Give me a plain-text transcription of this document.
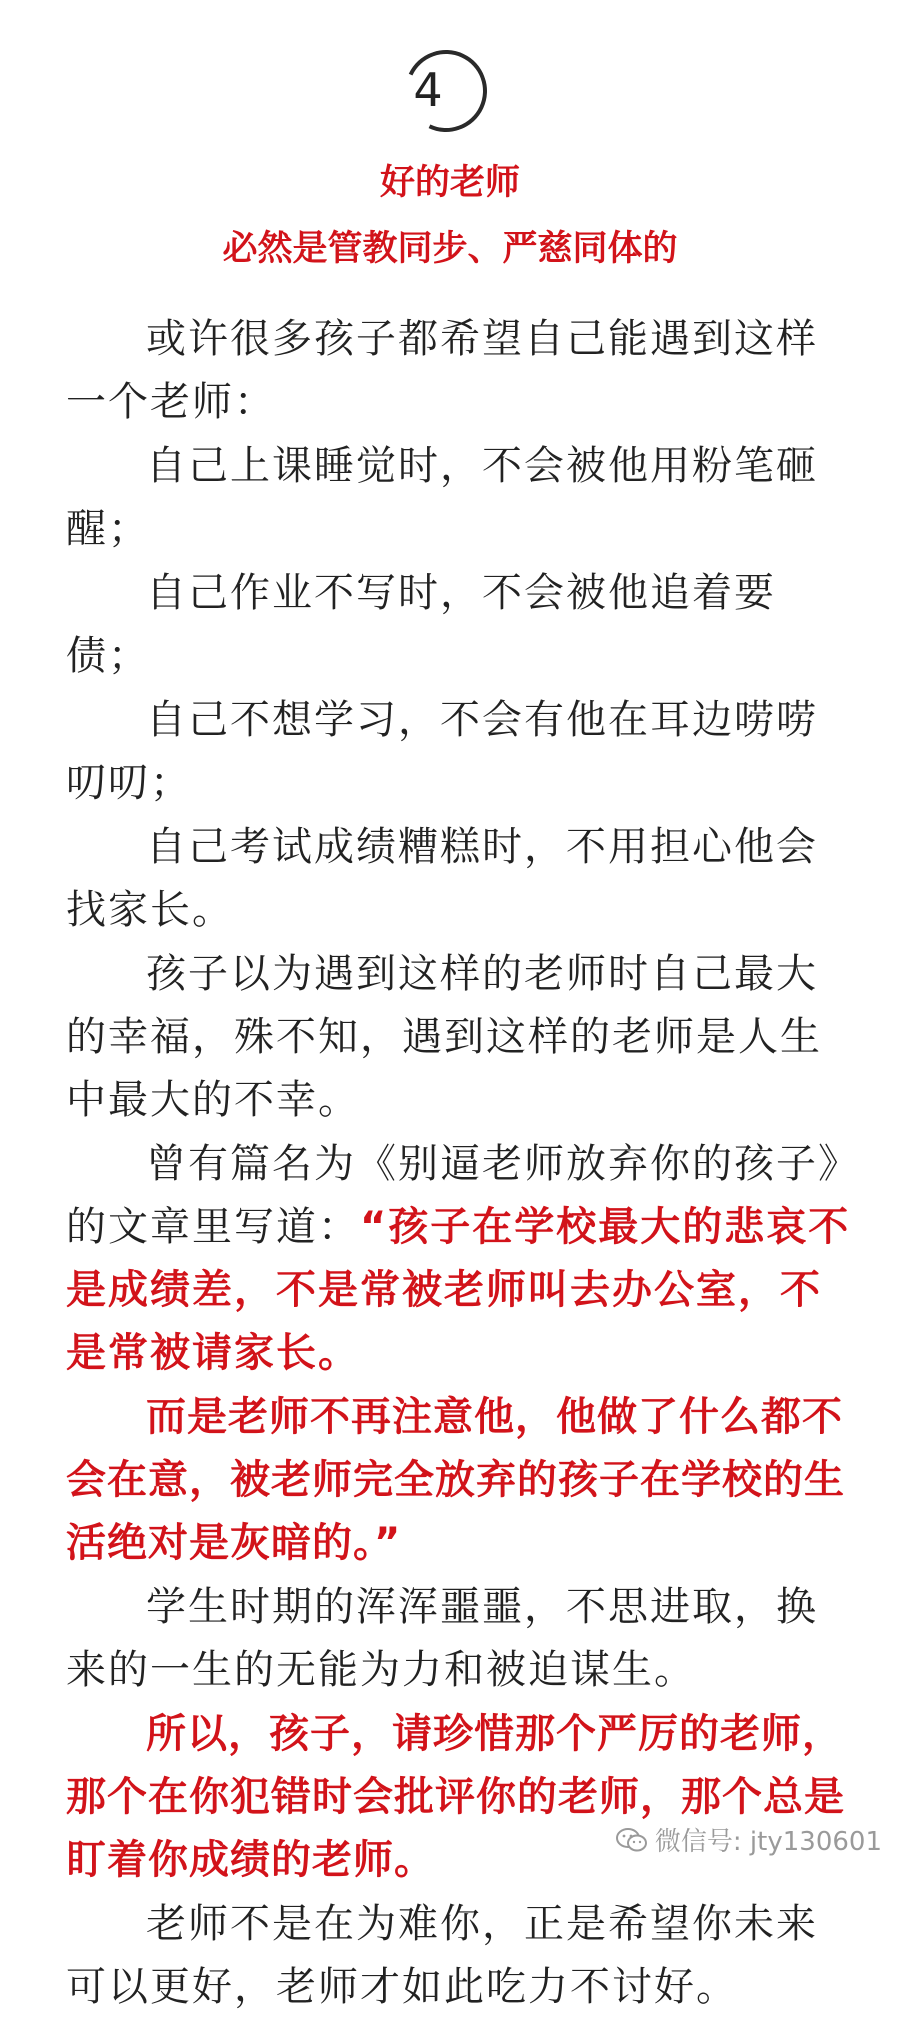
4
好的老师
必然是管教同步、严慈同体的

或许很多孩子都希望自己能遇到这样一个老师：

自己上课睡觉时，不会被他用粉笔砸醒；

自己作业不写时，不会被他追着要债；

自己不想学习，不会有他在耳边唠唠叨叨；

自己考试成绩糟糕时，不用担心他会找家长。

孩子以为遇到这样的老师时自己最大的幸福，殊不知，遇到这样的老师是人生中最大的不幸。

曾有篇名为《别逼老师放弃你的孩子》的文章里写道：“孩子在学校最大的悲哀不是成绩差，不是常被老师叫去办公室，不是常被请家长。

而是老师不再注意他，他做了什么都不会在意，被老师完全放弃的孩子在学校的生活绝对是灰暗的。”

学生时期的浑浑噩噩，不思进取，换来的一生的无能为力和被迫谋生。

所以，孩子，请珍惜那个严厉的老师，那个在你犯错时会批评你的老师，那个总是盯着你成绩的老师。

老师不是在为难你，正是希望你未来可以更好，老师才如此吃力不讨好。

微信号: jty130601
